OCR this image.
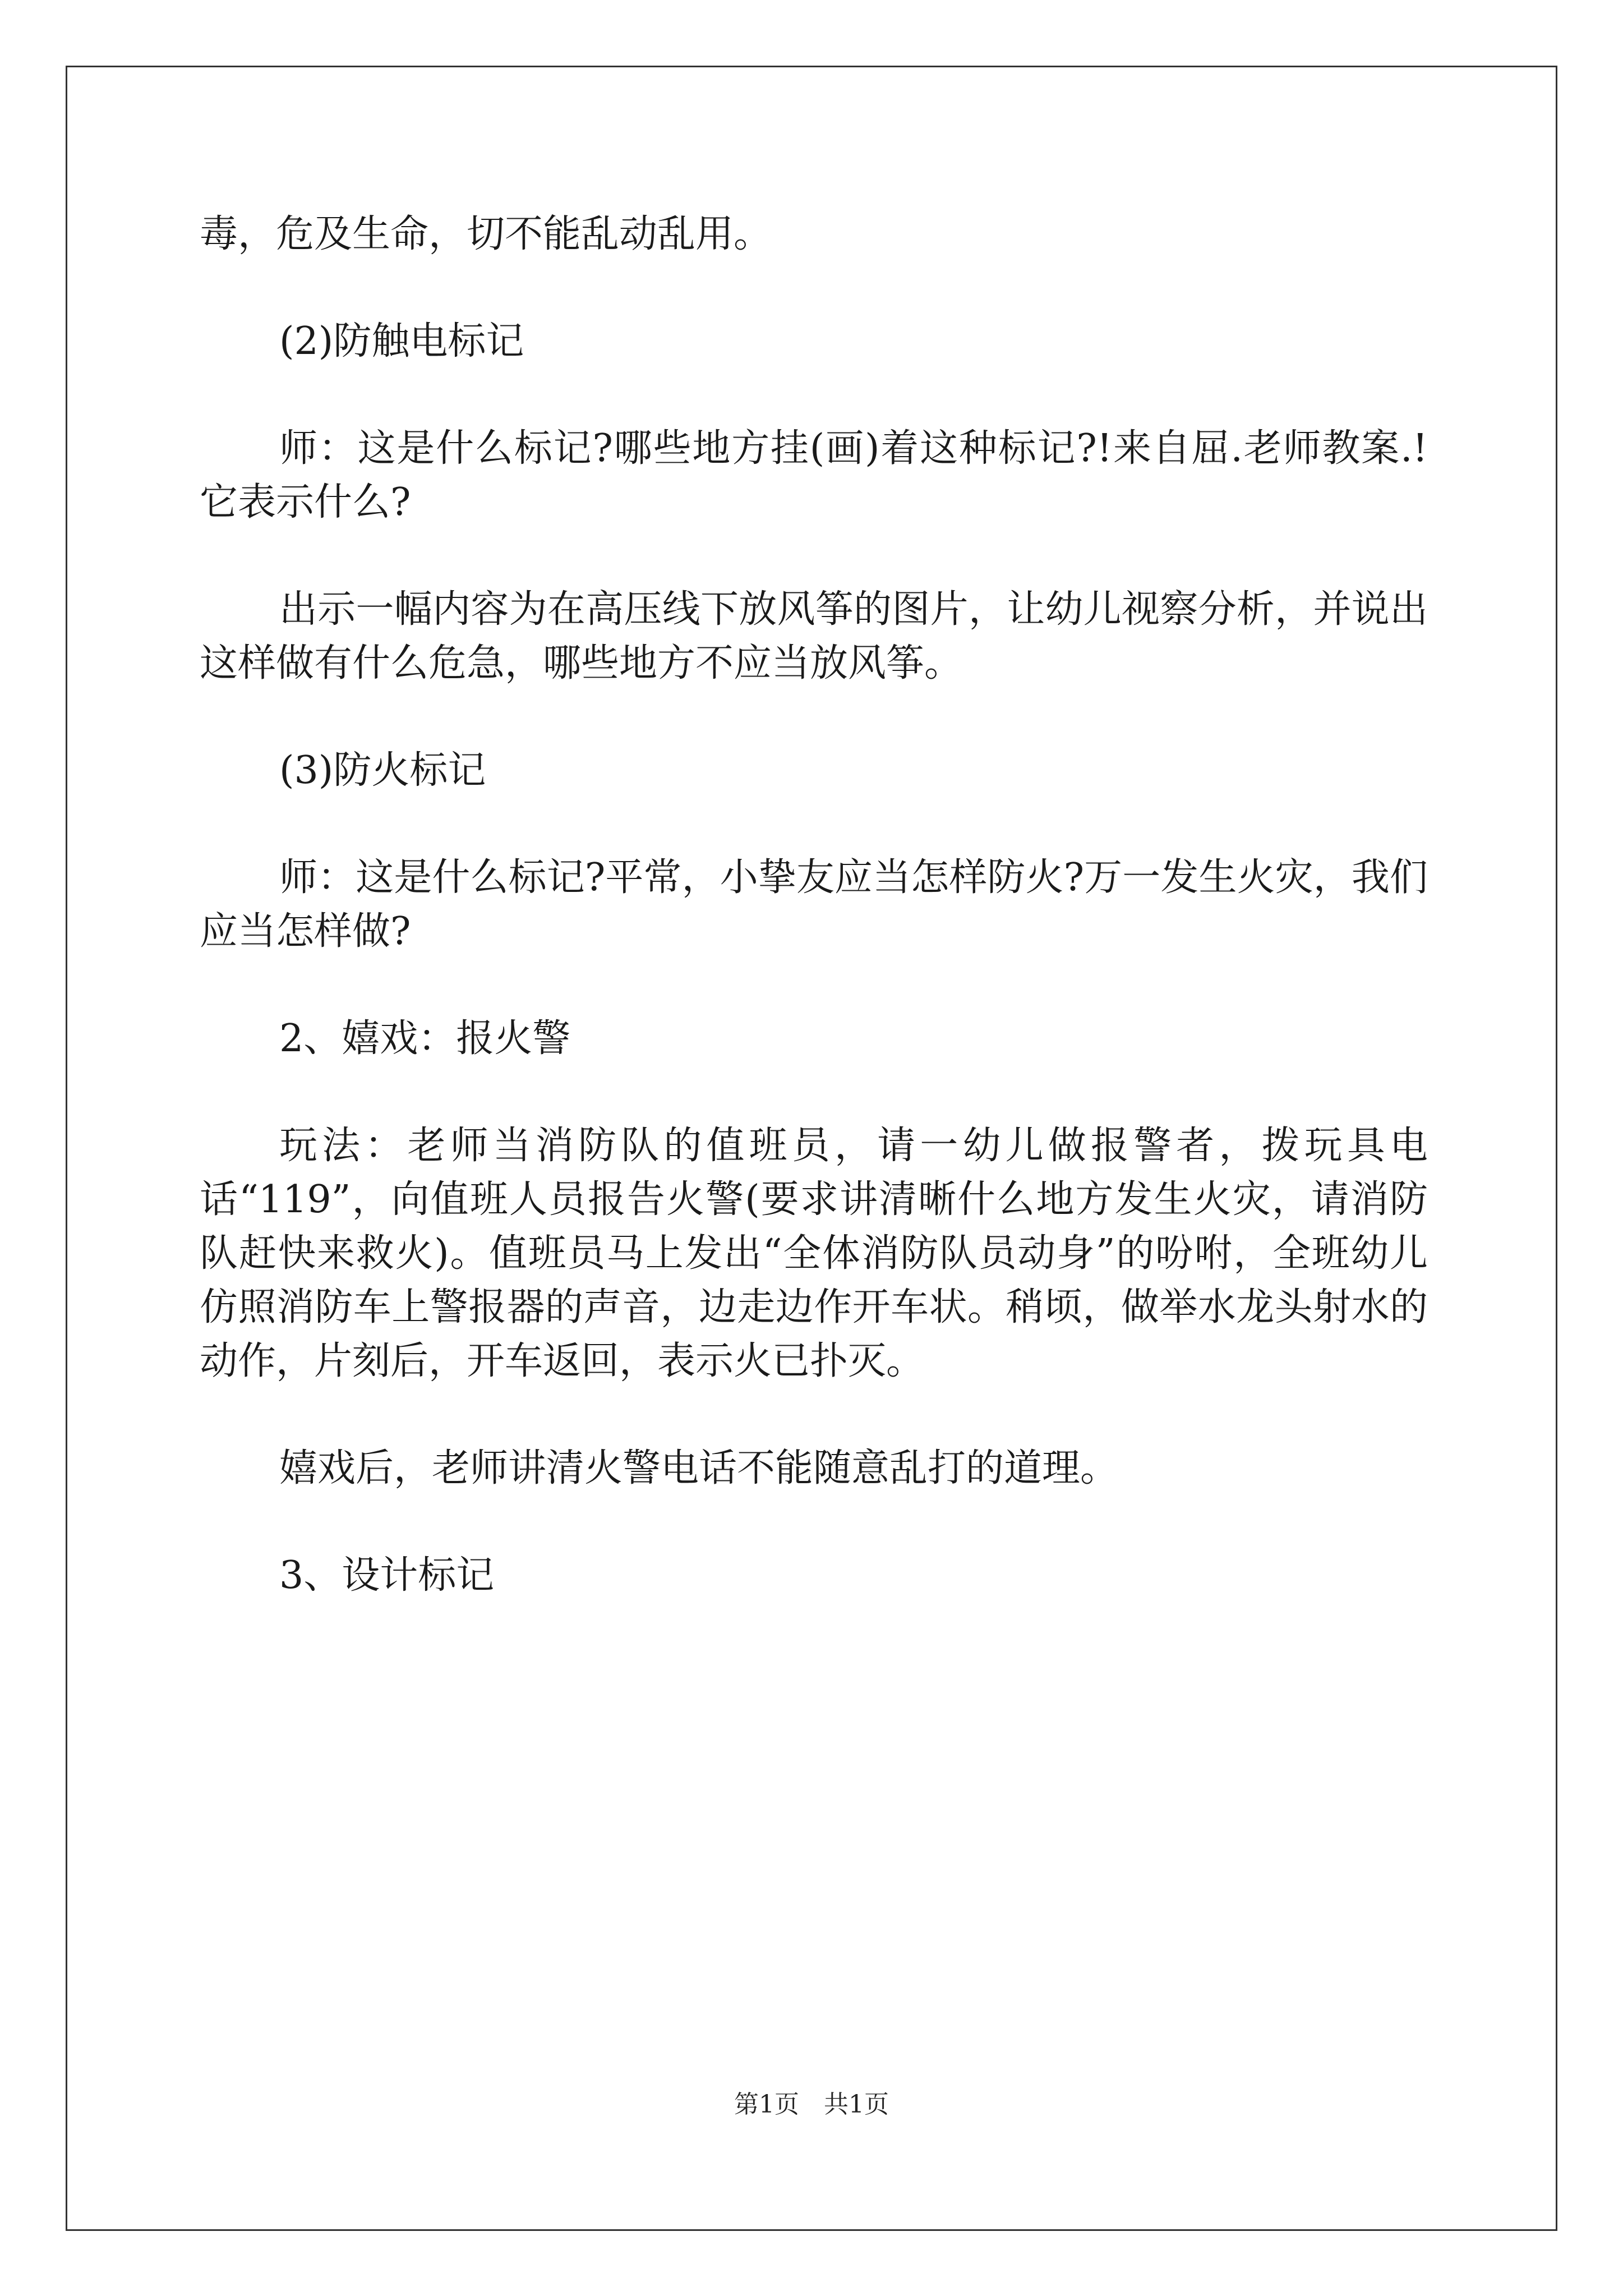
毒，危及生命，切不能乱动乱用。

(2)防触电标记

师：这是什么标记?哪些地方挂(画)着这种标记?!来自屈.老师教案.!它表示什么?

出示一幅内容为在高压线下放风筝的图片，让幼儿视察分析，并说出这样做有什么危急，哪些地方不应当放风筝。

(3)防火标记

师：这是什么标记?平常，小挚友应当怎样防火?万一发生火灾，我们应当怎样做?

2、嬉戏：报火警

玩法：老师当消防队的值班员，请一幼儿做报警者，拨玩具电话“119”，向值班人员报告火警(要求讲清晰什么地方发生火灾，请消防队赶快来救火)。值班员马上发出“全体消防队员动身”的吩咐，全班幼儿仿照消防车上警报器的声音，边走边作开车状。稍顷，做举水龙头射水的动作，片刻后，开车返回，表示火已扑灭。

嬉戏后，老师讲清火警电话不能随意乱打的道理。

3、设计标记

第1页　共1页
